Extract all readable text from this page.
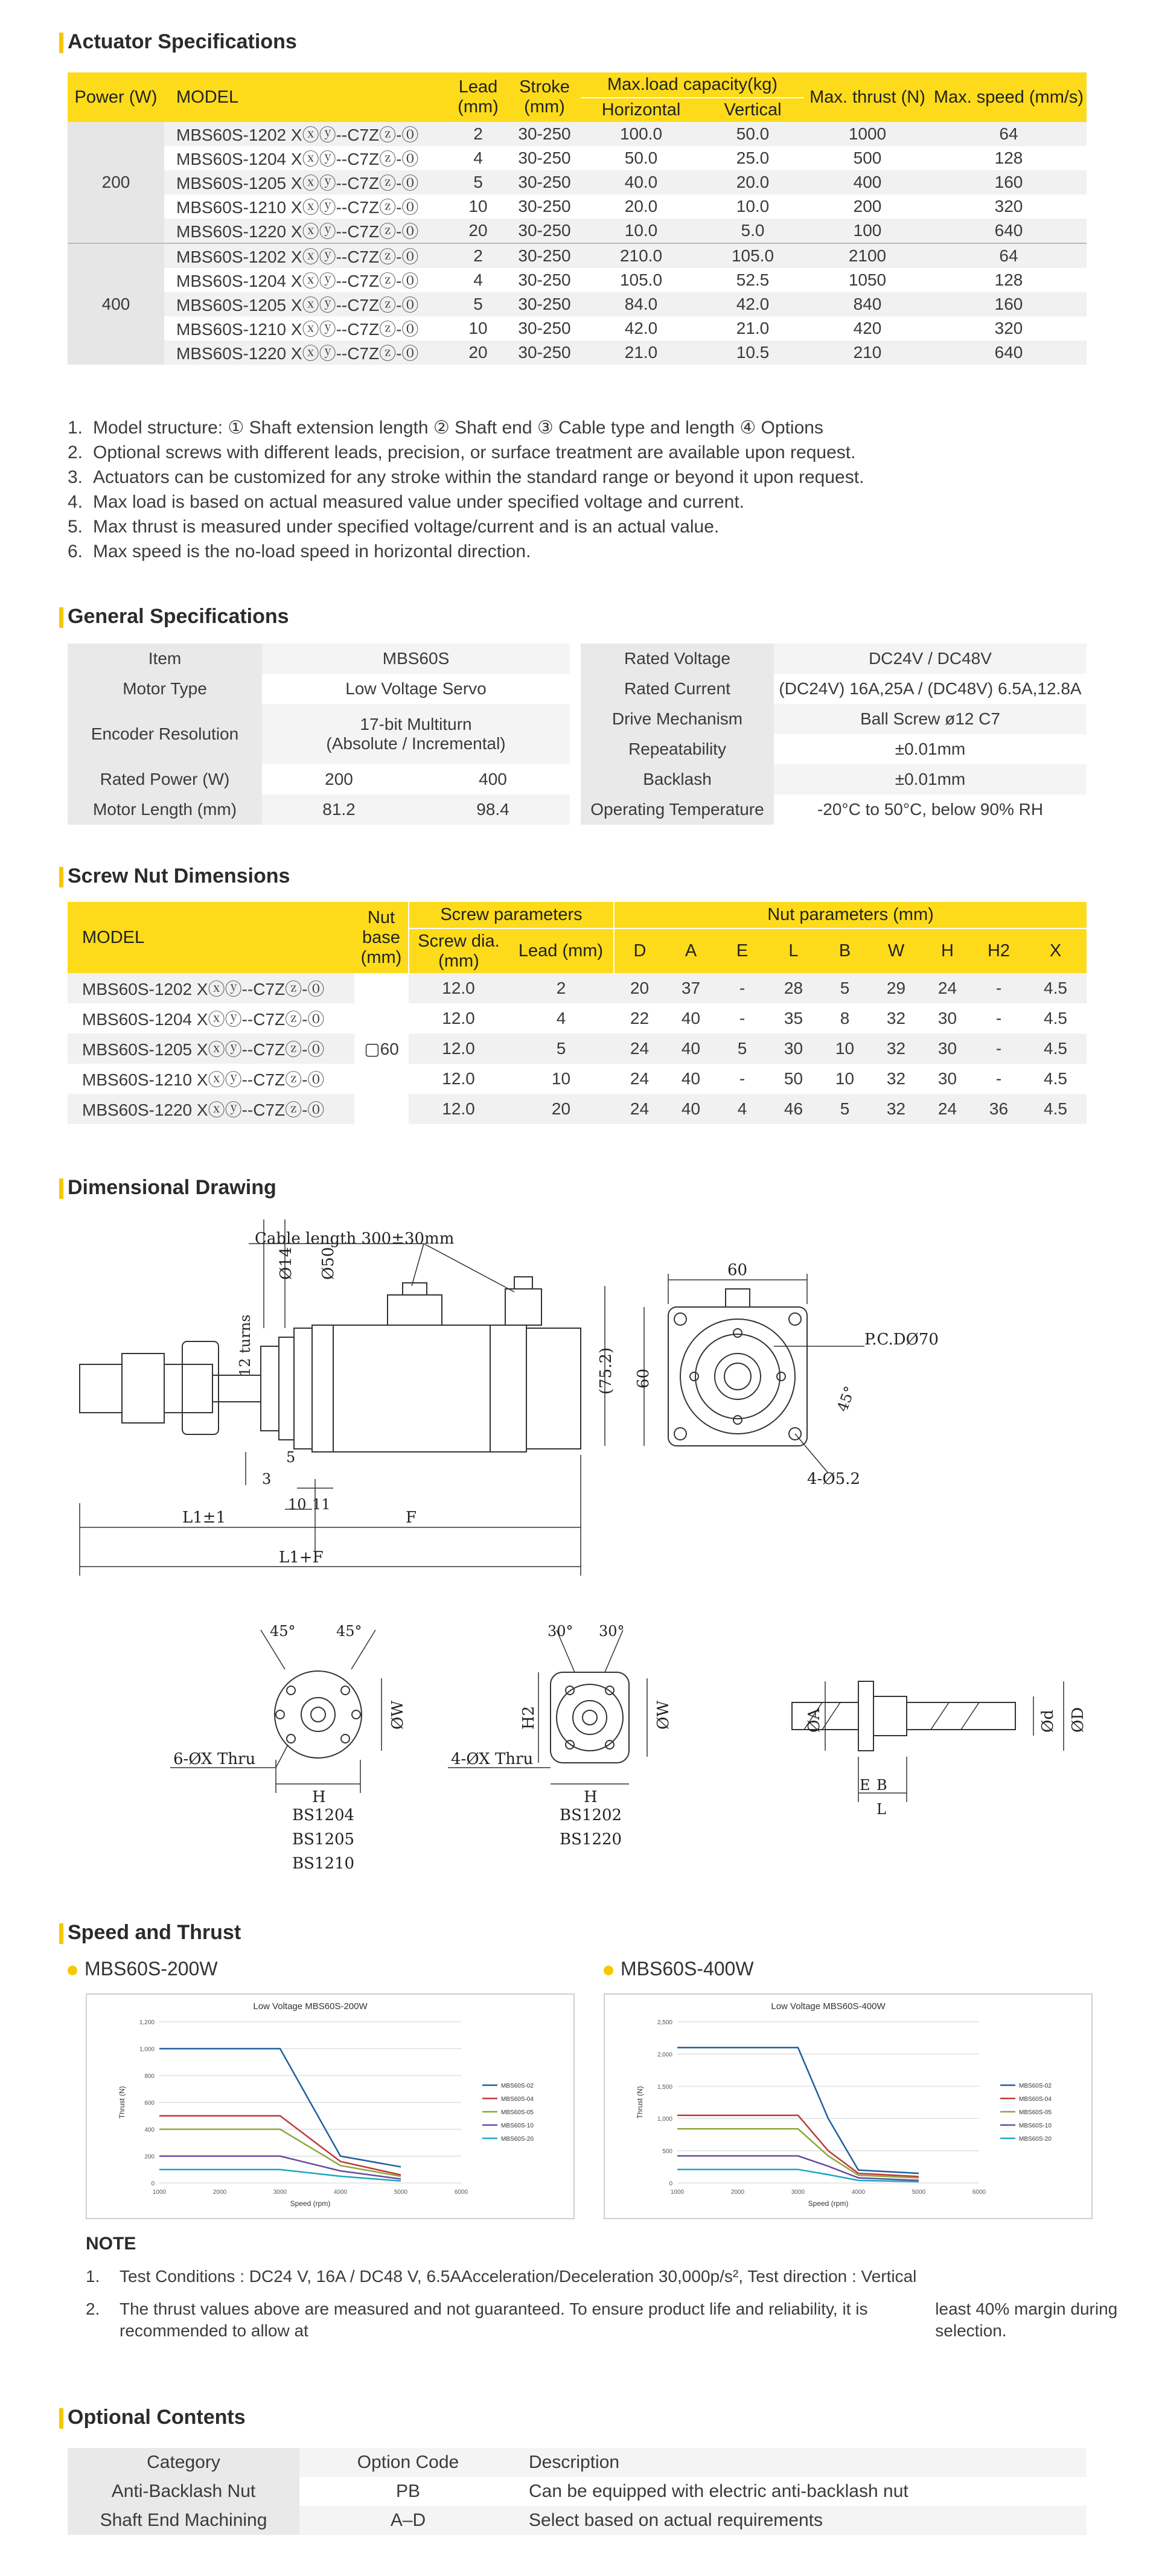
Actuator Specifications
Power (W)	MODEL	Lead (mm)	Stroke (mm)	Max.load capacity(kg)		Max. thrust (N)	Max. speed (mm/s)
				Horizontal	Vertical		
200	MBS60S-1202 Xⓧⓨ--C7Zⓩ-⓪	2	30-250	100.0	50.0	1000	64
	MBS60S-1204 Xⓧⓨ--C7Zⓩ-⓪	4	30-250	50.0	25.0	500	128
	MBS60S-1205 Xⓧⓨ--C7Zⓩ-⓪	5	30-250	40.0	20.0	400	160
	MBS60S-1210 Xⓧⓨ--C7Zⓩ-⓪	10	30-250	20.0	10.0	200	320
	MBS60S-1220 Xⓧⓨ--C7Zⓩ-⓪	20	30-250	10.0	5.0	100	640
400	MBS60S-1202 Xⓧⓨ--C7Zⓩ-⓪	2	30-250	210.0	105.0	2100	64
	MBS60S-1204 Xⓧⓨ--C7Zⓩ-⓪	4	30-250	105.0	52.5	1050	128
	MBS60S-1205 Xⓧⓨ--C7Zⓩ-⓪	5	30-250	84.0	42.0	840	160
	MBS60S-1210 Xⓧⓨ--C7Zⓩ-⓪	10	30-250	42.0	21.0	420	320
	MBS60S-1220 Xⓧⓨ--C7Zⓩ-⓪	20	30-250	21.0	10.5	210	640
1. Model structure: ① Shaft extension length ② Shaft end ③ Cable type and length ④ Options
2. Optional screws with different leads, precision, or surface treatment are available upon request.
3. Actuators can be customized for any stroke within the standard range or beyond it upon request.
4. Max load is based on actual measured value under specified voltage and current.
5. Max thrust is measured under specified voltage/current and is an actual value.
6. Max speed is the no-load speed in horizontal direction.
General Specifications
Item	MBS60S	
Motor Type	Low Voltage Servo	
Encoder Resolution	17-bit Multiturn
(Absolute / Incremental)	

Rated Power (W)	200	400
Motor Length (mm)	81.2	98.4
Rated Voltage	DC24V / DC48V
Rated Current	(DC24V) 16A,25A / (DC48V) 6.5A,12.8A
Drive Mechanism	Ball Screw ø12 C7
Repeatability	±0.01mm
Backlash	±0.01mm
Operating Temperature	-20°C to 50°C, below 90% RH
Screw Nut Dimensions
MODEL	Nut base (mm)	Screw parameters		Nut parameters (mm)								
		Screw dia. (mm)	Lead (mm)	D	A	E	L	B	W	H	H2	X
MBS60S-1202 Xⓧⓨ--C7Zⓩ-⓪	▢60	12.0	2	20	37	-	28	5	29	24	-	4.5
MBS60S-1204 Xⓧⓨ--C7Zⓩ-⓪		12.0	4	22	40	-	35	8	32	30	-	4.5
MBS60S-1205 Xⓧⓨ--C7Zⓩ-⓪		12.0	5	24	40	5	30	10	32	30	-	4.5
MBS60S-1210 Xⓧⓨ--C7Zⓩ-⓪		12.0	10	24	40	-	50	10	32	30	-	4.5
MBS60S-1220 Xⓧⓨ--C7Zⓩ-⓪		12.0	20	24	40	4	46	5	32	24	36	4.5
Dimensional Drawing
Cable length 300±30mm
12 turns
Ø14 Ø50
5
3
10 11
L1±1	F
L1+F
60
(75.2) 60
P.C.DØ70
45°
4-Ø5.2
45°	45°
6-ØX Thru
ØW
H
BS1204
BS1205
BS1210
30° 30°
4-ØX Thru
H2	ØW
H
BS1202
BS1220
ØA	Ød ØD
E B
L
Speed and Thrust
MBS60S-200W	MBS60S-400W
Low Voltage MBS60S-200W
0
200
400
600
800
1,000
1,200
1000	2000	3000	4000	5000	6000
Speed (rpm)
Thrust (N)	MBS60S-02
MBS60S-04
MBS60S-05
MBS60S-10
MBS60S-20
Low Voltage MBS60S-400W
0
500
1,000
1,500
2,000
2,500
1000	2000	3000	4000	5000	6000
Speed (rpm)
Thrust (N)	MBS60S-02
MBS60S-04
MBS60S-05
MBS60S-10
MBS60S-20
NOTE
1.	Test Conditions : DC24 V, 16A / DC48 V, 6.5A Acceleration/Deceleration 30,000p/s², Test direction : Vertical
2.	The thrust values above are measured and not guaranteed. To ensure product life and reliability, it is recommended to allow at
least 40% margin during selection.
Optional Contents
Category	Option Code	Description
Anti-Backlash Nut	PB	Can be equipped with electric anti-backlash nut
Shaft End Machining	A–D	Select based on actual requirements
